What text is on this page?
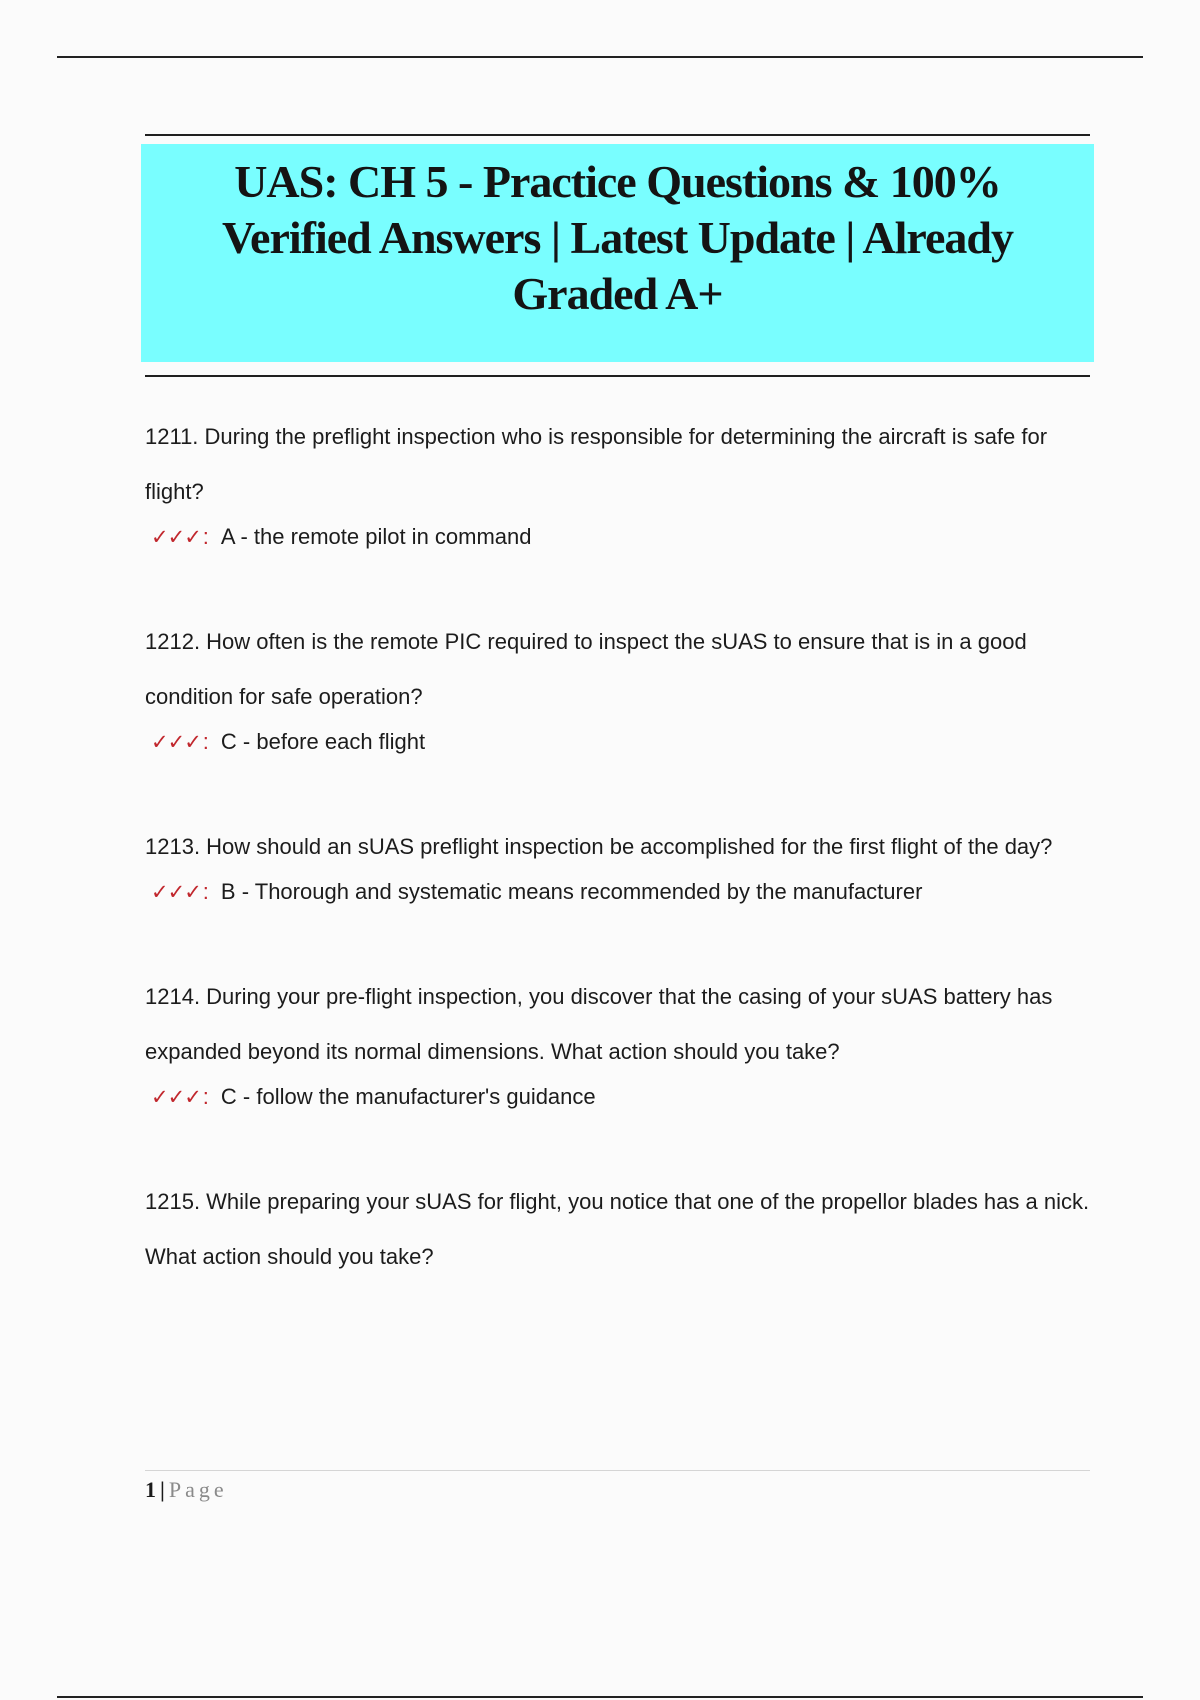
UAS: CH 5 - Practice Questions & 100% Verified Answers | Latest Update | Already Graded A+

1211. During the preflight inspection who is responsible for determining the aircraft is safe for flight?

✓✓✓ : A - the remote pilot in command

1212. How often is the remote PIC required to inspect the sUAS to ensure that is in a good condition for safe operation?

✓✓✓ : C - before each flight

1213. How should an sUAS preflight inspection be accomplished for the first flight of the day?

✓✓✓ : B - Thorough and systematic means recommended by the manufacturer

1214. During your pre-flight inspection, you discover that the casing of your sUAS battery has expanded beyond its normal dimensions. What action should you take?

✓✓✓ : C - follow the manufacturer's guidance

1215. While preparing your sUAS for flight, you notice that one of the propellor blades has a nick. What action should you take?

1 | Page
